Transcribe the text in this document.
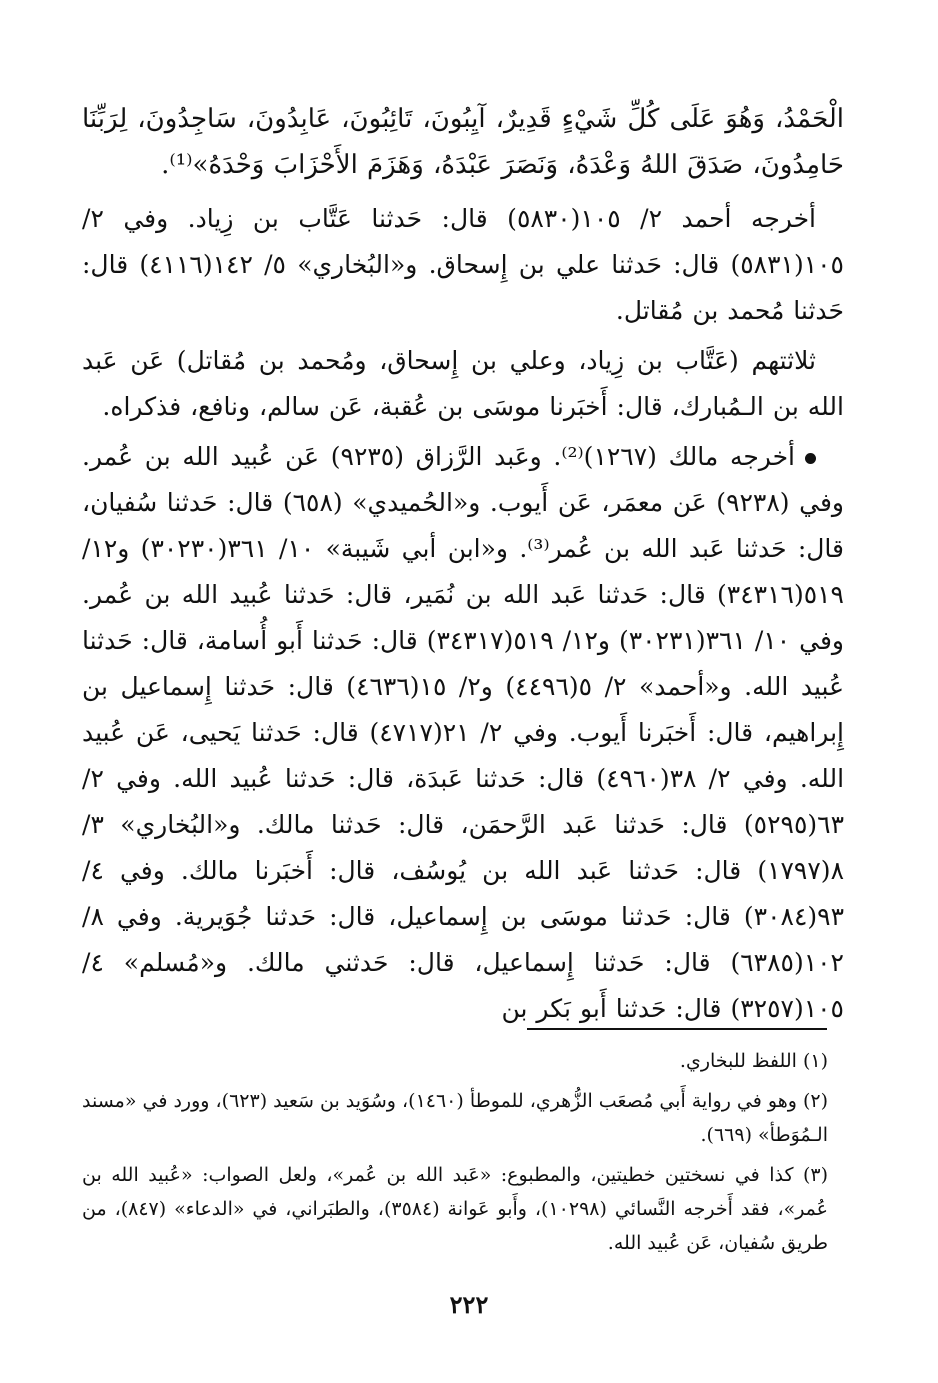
الْحَمْدُ، وَهُوَ عَلَى كُلِّ شَيْءٍ قَدِيرٌ، آيِبُونَ، تَائِبُونَ، عَابِدُونَ، سَاجِدُونَ، لِرَبِّنَا حَامِدُونَ، صَدَقَ اللهُ وَعْدَهُ، وَنَصَرَ عَبْدَهُ، وَهَزَمَ الأَحْزَابَ وَحْدَهُ»⁽¹⁾.

أخرجه أحمد ٢/ ١٠٥(٥٨٣٠) قال: حَدثنا عَتَّاب بن زِياد. وفي ٢/ ١٠٥(٥٨٣١) قال: حَدثنا علي بن إِسحاق. و«البُخاري» ٥/ ١٤٢(٤١١٦) قال: حَدثنا مُحمد بن مُقاتل.

ثلاثتهم (عَتَّاب بن زِياد، وعلي بن إِسحاق، ومُحمد بن مُقاتل) عَن عَبد الله بن الـمُبارك، قال: أَخبَرنا موسَى بن عُقبة، عَن سالم، ونافع، فذكراه.

أخرجه مالك (١٢٦٧)⁽²⁾. وعَبد الرَّزاق (٩٢٣٥) عَن عُبيد الله بن عُمر. وفي (٩٢٣٨) عَن معمَر، عَن أَيوب. و«الحُميدي» (٦٥٨) قال: حَدثنا سُفيان، قال: حَدثنا عَبد الله بن عُمر⁽³⁾. و«ابن أبي شَيبة» ١٠/ ٣٦١(٣٠٢٣٠) و١٢/ ٥١٩(٣٤٣١٦) قال: حَدثنا عَبد الله بن نُمَير، قال: حَدثنا عُبيد الله بن عُمر. وفي ١٠/ ٣٦١(٣٠٢٣١) و١٢/ ٥١٩(٣٤٣١٧) قال: حَدثنا أَبو أُسامة، قال: حَدثنا عُبيد الله. و«أحمد» ٢/ ٥(٤٤٩٦) و٢/ ١٥(٤٦٣٦) قال: حَدثنا إِسماعيل بن إِبراهيم، قال: أَخبَرنا أَيوب. وفي ٢/ ٢١(٤٧١٧) قال: حَدثنا يَحيى، عَن عُبيد الله. وفي ٢/ ٣٨(٤٩٦٠) قال: حَدثنا عَبدَة، قال: حَدثنا عُبيد الله. وفي ٢/ ٦٣(٥٢٩٥) قال: حَدثنا عَبد الرَّحمَن، قال: حَدثنا مالك. و«البُخاري» ٣/ ٨(١٧٩٧) قال: حَدثنا عَبد الله بن يُوسُف، قال: أَخبَرنا مالك. وفي ٤/ ٩٣(٣٠٨٤) قال: حَدثنا موسَى بن إِسماعيل، قال: حَدثنا جُوَيرية. وفي ٨/ ١٠٢(٦٣٨٥) قال: حَدثنا إِسماعيل، قال: حَدثني مالك. و«مُسلم» ٤/ ١٠٥(٣٢٥٧) قال: حَدثنا أَبو بَكر بن

(١) اللفظ للبخاري.

(٢) وهو في رواية أَبي مُصعَب الزُّهري، للموطأ (١٤٦٠)، وسُوَيد بن سَعيد (٦٢٣)، وورد في «مسند الـمُوَطأ» (٦٦٩).

(٣) كذا في نسختين خطيتين، والمطبوع: «عَبد الله بن عُمر»، ولعل الصواب: «عُبيد الله بن عُمر»، فقد أَخرجه النَّسائي (١٠٢٩٨)، وأَبو عَوانة (٣٥٨٤)، والطبَراني، في «الدعاء» (٨٤٧)، من طريق سُفيان، عَن عُبيد الله.

٢٢٢
